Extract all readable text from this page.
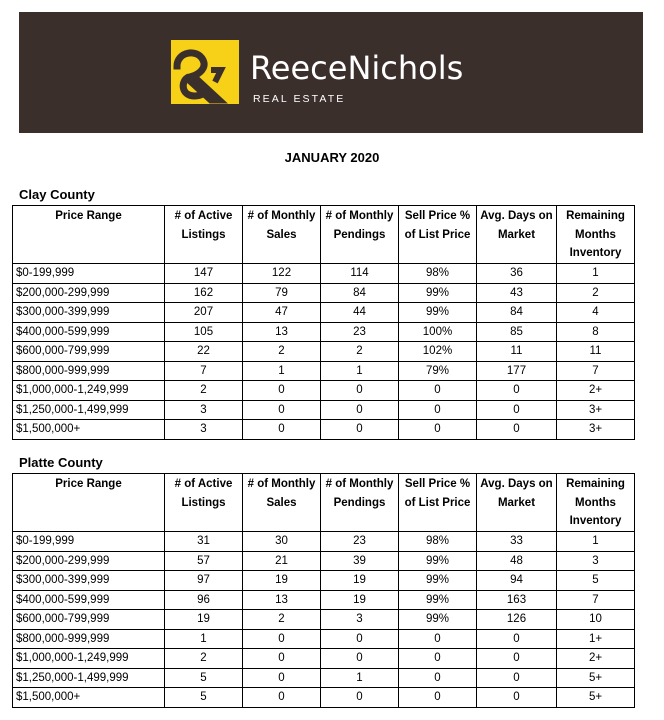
ReeceNichols
REAL ESTATE
JANUARY 2020
Clay County
Price Range	# of Active Listings	# of Monthly Sales	# of Monthly Pendings	Sell Price % of List Price	Avg. Days on Market	Remaining Months Inventory
$0-199,999	147	122	114	98%	36	1
$200,000-299,999	162	79	84	99%	43	2
$300,000-399,999	207	47	44	99%	84	4
$400,000-599,999	105	13	23	100%	85	8
$600,000-799,999	22	2	2	102%	11	11
$800,000-999,999	7	1	1	79%	177	7
$1,000,000-1,249,999	2	0	0	0	0	2+
$1,250,000-1,499,999	3	0	0	0	0	3+
$1,500,000+	3	0	0	0	0	3+
Platte County
Price Range	# of Active Listings	# of Monthly Sales	# of Monthly Pendings	Sell Price % of List Price	Avg. Days on Market	Remaining Months Inventory
$0-199,999	31	30	23	98%	33	1
$200,000-299,999	57	21	39	99%	48	3
$300,000-399,999	97	19	19	99%	94	5
$400,000-599,999	96	13	19	99%	163	7
$600,000-799,999	19	2	3	99%	126	10
$800,000-999,999	1	0	0	0	0	1+
$1,000,000-1,249,999	2	0	0	0	0	2+
$1,250,000-1,499,999	5	0	1	0	0	5+
$1,500,000+	5	0	0	0	0	5+
